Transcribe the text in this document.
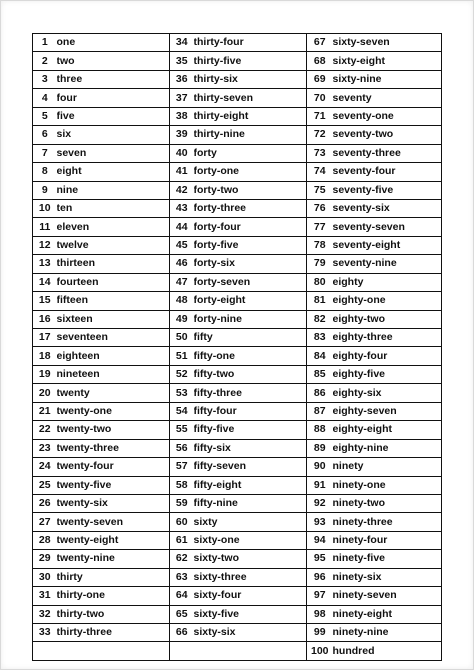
1	one	34	thirty-four	67	sixty-seven
2	two	35	thirty-five	68	sixty-eight
3	three	36	thirty-six	69	sixty-nine
4	four	37	thirty-seven	70	seventy
5	five	38	thirty-eight	71	seventy-one
6	six	39	thirty-nine	72	seventy-two
7	seven	40	forty	73	seventy-three
8	eight	41	forty-one	74	seventy-four
9	nine	42	forty-two	75	seventy-five
10	ten	43	forty-three	76	seventy-six
11	eleven	44	forty-four	77	seventy-seven
12	twelve	45	forty-five	78	seventy-eight
13	thirteen	46	forty-six	79	seventy-nine
14	fourteen	47	forty-seven	80	eighty
15	fifteen	48	forty-eight	81	eighty-one
16	sixteen	49	forty-nine	82	eighty-two
17	seventeen	50	fifty	83	eighty-three
18	eighteen	51	fifty-one	84	eighty-four
19	nineteen	52	fifty-two	85	eighty-five
20	twenty	53	fifty-three	86	eighty-six
21	twenty-one	54	fifty-four	87	eighty-seven
22	twenty-two	55	fifty-five	88	eighty-eight
23	twenty-three	56	fifty-six	89	eighty-nine
24	twenty-four	57	fifty-seven	90	ninety
25	twenty-five	58	fifty-eight	91	ninety-one
26	twenty-six	59	fifty-nine	92	ninety-two
27	twenty-seven	60	sixty	93	ninety-three
28	twenty-eight	61	sixty-one	94	ninety-four
29	twenty-nine	62	sixty-two	95	ninety-five
30	thirty	63	sixty-three	96	ninety-six
31	thirty-one	64	sixty-four	97	ninety-seven
32	thirty-two	65	sixty-five	98	ninety-eight
33	thirty-three	66	sixty-six	99	ninety-nine
				100	hundred
